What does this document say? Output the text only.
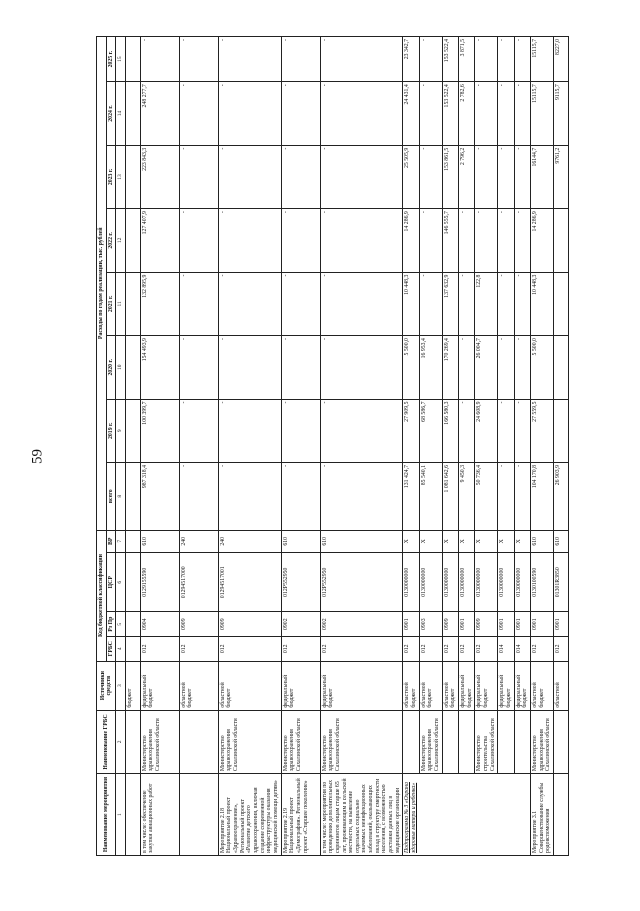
59
Наименование мероприятия	Наименование ГРБС	Источники средств	Код бюджетной классификации				Расходы по годам реализации, тыс. рублей							
			ГРБС	Рз Пр	ЦСР	ВР	всего	2019 г.	2020 г.	2021 г.	2022 г.	2023 г.	2024 г.	2025 г.
1	2	3	4	5	6	7	8	9	10	11	12	13	14	15
		бюджет												
в том числе: обеспечение закупки авиационных работ	Министерство здравоохранения Сахалинской области	федеральный бюджет	012	0904	0129155590	610	987 318,4	100 399,7	154 493,9	132 895,9	127 407,9	223 843,3	248 277,7	-
		областной бюджет	012	0909	01294517000	240	-	-	-	-	-	-	-	-
Мероприятие 2.18 Национальный проект «Здравоохранение», Региональный проект «Развитие детского здравоохранения, включая создание современной инфраструктуры оказания медицинской помощи детям»	Министерство здравоохранения Сахалинской области	областной бюджет	012	0909	01294517001	240	-	-	-	-	-	-	-	-
Мероприятие 2.19 Национальный проект «Демография». Региональный проект «Старшее поколение»	Министерство здравоохранения Сахалинской области	федеральный бюджет	012	0902	012Р552950	610	-	-	-	-	-	-	-	-
в том числе: мероприятия по проведению дополнительных скринингов лицам старше 65 лет, проживающим в сельской местности, на выявление отдельных социально значимых неинфекционных заболеваний, оказывающих вклад в структуру смертности населения, с возможностью доставки данных лиц в медицинские организации	Министерство здравоохранения Сахалинской области	федеральный бюджет	012	0902	012Р552950	610	-	-	-	-	-	-	-	-
Подпрограмма № 3 «Охрана здоровья матери и ребенка»		областной бюджет	012	0901	0130000000	Х	131 424,7	27 909,5	5 500,0	10 448,3	14 286,9	25 505,9	24 431,4	23 342,7
	Министерство здравоохранения Сахалинской области	областной бюджет	012	0903	0130000000	Х	85 540,1	68 586,7	16 953,4	-	-	-	-	-
		областной бюджет	012	0909	0130000000	Х	1 081 642,6	166 580,3	170 269,4	137 632,9	146 555,7	153 861,5	153 522,4	153 522,4
		федеральный бюджет	012	0901	0130000000	Х	9 450,3	-	-	-	-	2 796,2	2 782,6	3 871,5
	Министерство строительства Сахалинской области	федеральный бюджет	012	0909	0130000000	Х	50 736,4	24 608,9	26 004,7	122,8	-	-	-	-
		федеральный бюджет	014	0901	0130000000	Х	-	-	-	-	-	-	-	-
		федеральный бюджет	014	0901	0130000000	Х	-	-	-	-	-	-	-	-
Мероприятие 3.1 Совершенствование службы родовспоможения	Министерство здравоохранения Сахалинской области	областной бюджет	012	0901	0130100590	610	104 170,8	27 559,5	5 500,0	10 448,3	14 286,9	16144,7	15115,7	15115,7
		областной	012	0901	01301R3850	610	26 903,9					9761,2	9115,7	8227,0
